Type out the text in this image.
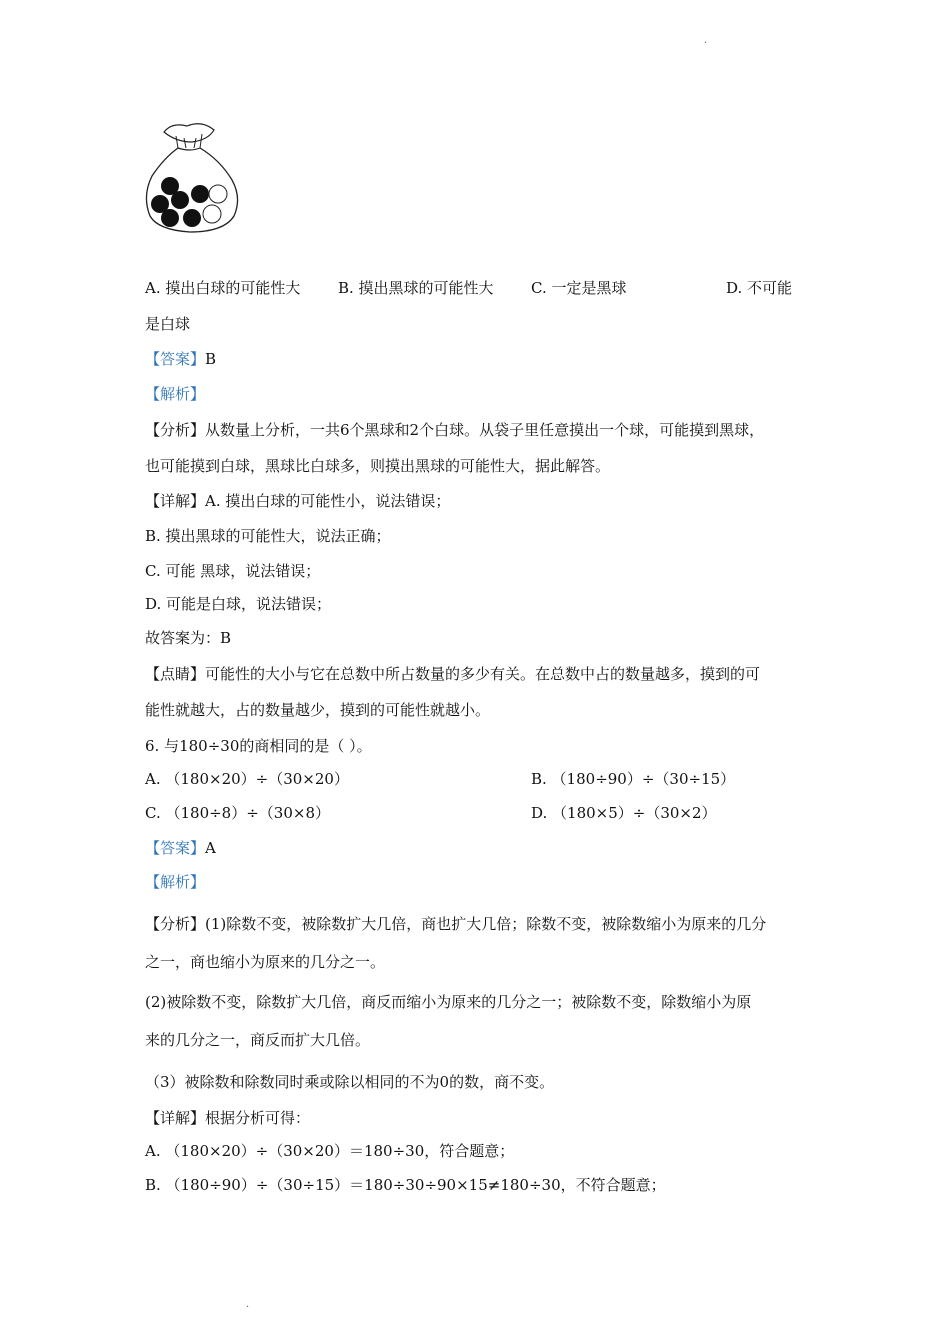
·
A. 摸出白球的可能性大	B. 摸出黑球的可能性大 C. 一定是黑球	D. 不可能
是白球
【答案】B
【解析】
【分析】从数量上分析，一共6个黑球和2个白球。从袋子里任意摸出一个球，可能摸到黑球，
也可能摸到白球，黑球比白球多，则摸出黑球的可能性大，据此解答。
【详解】A. 摸出白球的可能性小，说法错误；
B. 摸出黑球的可能性大，说法正确；
C. 可能 黑球，说法错误；
D. 可能是白球，说法错误；
故答案为：B
【点睛】可能性的大小与它在总数中所占数量的多少有关。在总数中占的数量越多，摸到的可
能性就越大，占的数量越少，摸到的可能性就越小。
6. 与180÷30的商相同的是（ ）。
A. （180×20）÷（30×20）	B. （180÷90）÷（30÷15）
C. （180÷8）÷（30×8）	D. （180×5）÷（30×2）
【答案】A
【解析】
【分析】(1)除数不变，被除数扩大几倍，商也扩大几倍；除数不变，被除数缩小为原来的几分
之一，商也缩小为原来的几分之一。
(2)被除数不变，除数扩大几倍，商反而缩小为原来的几分之一；被除数不变，除数缩小为原
来的几分之一，商反而扩大几倍。
（3）被除数和除数同时乘或除以相同的不为0的数，商不变。
【详解】根据分析可得：
A. （180×20）÷（30×20）＝180÷30，符合题意；
B. （180÷90）÷（30÷15）＝180÷30÷90×15≠180÷30，不符合题意；
·
